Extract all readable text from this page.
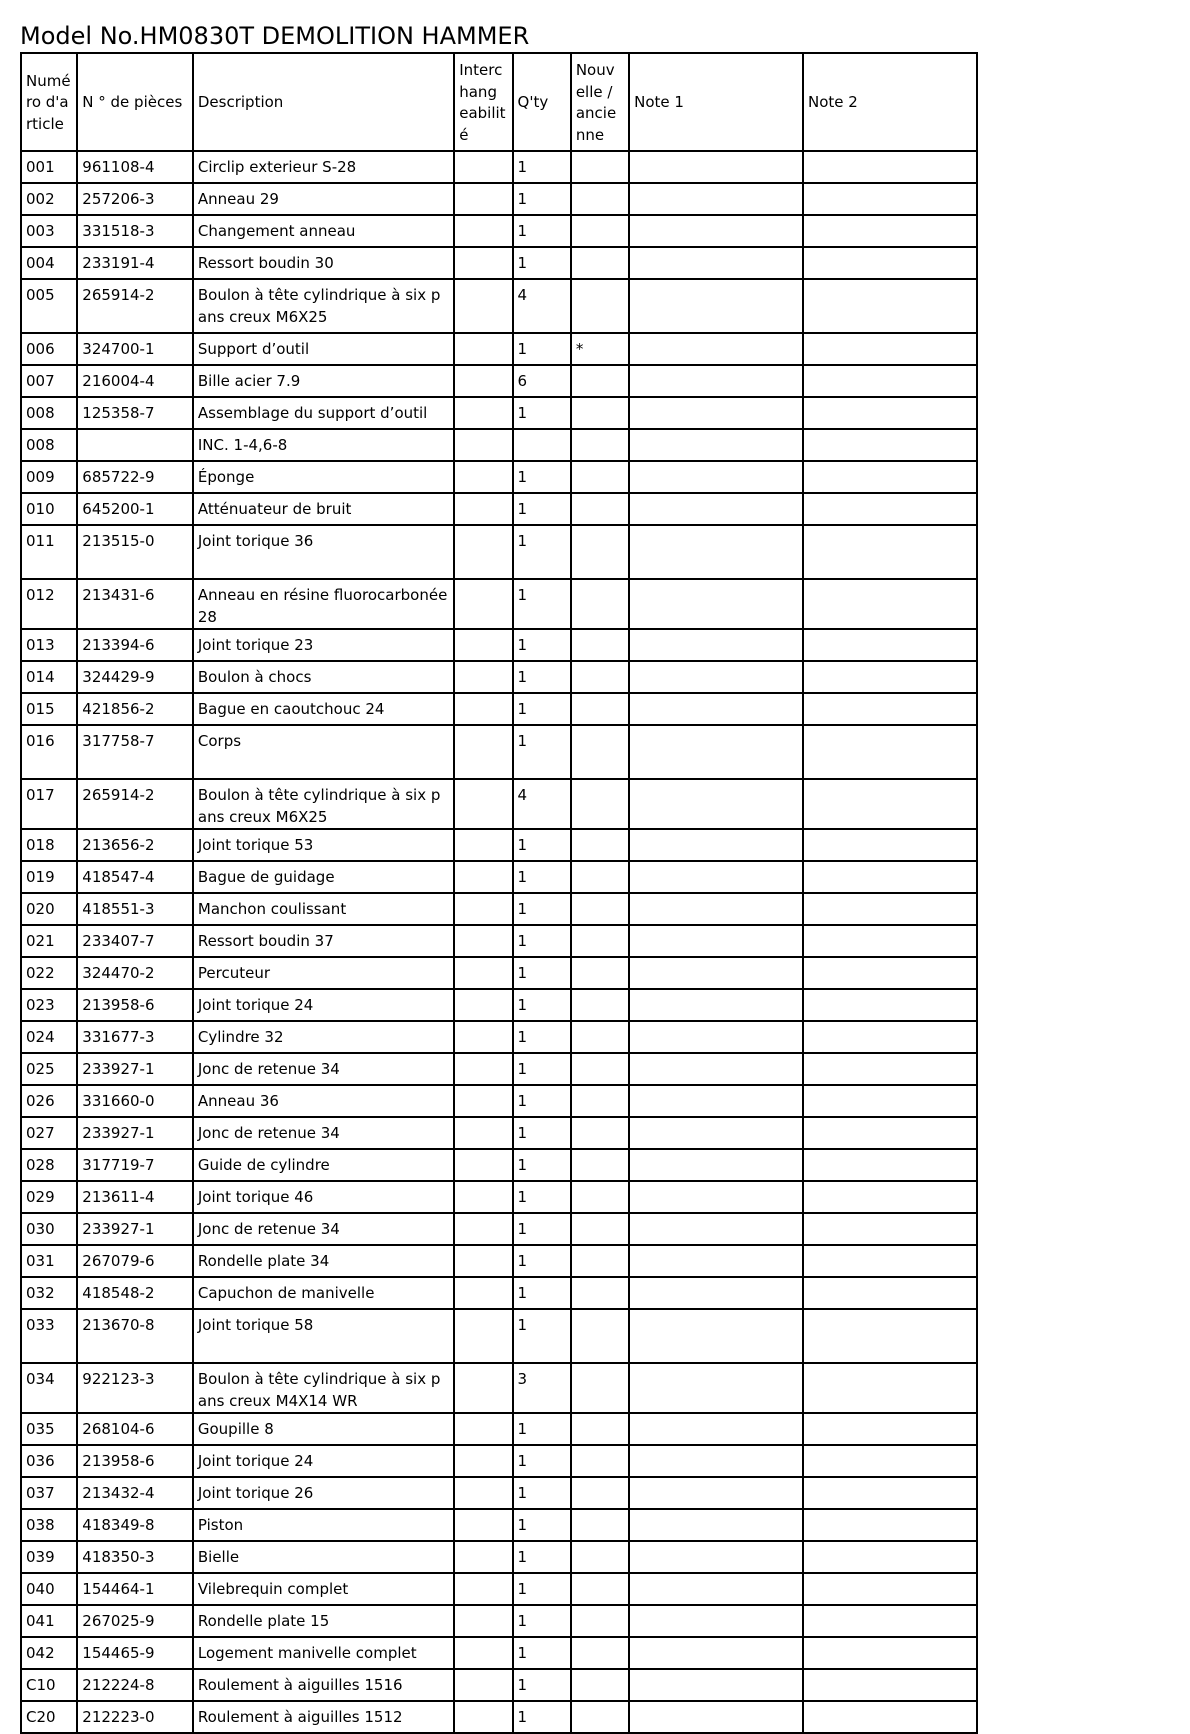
Model No.HM0830T DEMOLITION HAMMER
Numé ro d'a rticle	N ° de pièces	Description	Interc hang eabilit é	Q'ty	Nouv elle / ancie nne	Note 1	Note 2
001	961108-4	Circlip exterieur S-28		1			
002	257206-3	Anneau 29		1			
003	331518-3	Changement anneau		1			
004	233191-4	Ressort boudin 30		1			
005	265914-2	Boulon à tête cylindrique à six pans creux M6X25		4			
006	324700-1	Support d’outil		1	*		
007	216004-4	Bille acier 7.9		6			
008	125358-7	Assemblage du support d’outil		1			
008		INC. 1-4,6-8					
009	685722-9	Éponge		1			
010	645200-1	Atténuateur de bruit		1			
011	213515-0	Joint torique 36		1			
012	213431-6	Anneau en résine fluorocarbonée 28		1			
013	213394-6	Joint torique 23		1			
014	324429-9	Boulon à chocs		1			
015	421856-2	Bague en caoutchouc 24		1			
016	317758-7	Corps		1			
017	265914-2	Boulon à tête cylindrique à six pans creux M6X25		4			
018	213656-2	Joint torique 53		1			
019	418547-4	Bague de guidage		1			
020	418551-3	Manchon coulissant		1			
021	233407-7	Ressort boudin 37		1			
022	324470-2	Percuteur		1			
023	213958-6	Joint torique 24		1			
024	331677-3	Cylindre 32		1			
025	233927-1	Jonc de retenue 34		1			
026	331660-0	Anneau 36		1			
027	233927-1	Jonc de retenue 34		1			
028	317719-7	Guide de cylindre		1			
029	213611-4	Joint torique 46		1			
030	233927-1	Jonc de retenue 34		1			
031	267079-6	Rondelle plate 34		1			
032	418548-2	Capuchon de manivelle		1			
033	213670-8	Joint torique 58		1			
034	922123-3	Boulon à tête cylindrique à six pans creux M4X14 WR		3			
035	268104-6	Goupille 8		1			
036	213958-6	Joint torique 24		1			
037	213432-4	Joint torique 26		1			
038	418349-8	Piston		1			
039	418350-3	Bielle		1			
040	154464-1	Vilebrequin complet		1			
041	267025-9	Rondelle plate 15		1			
042	154465-9	Logement manivelle complet		1			
C10	212224-8	Roulement à aiguilles 1516		1			
C20	212223-0	Roulement à aiguilles 1512		1			
